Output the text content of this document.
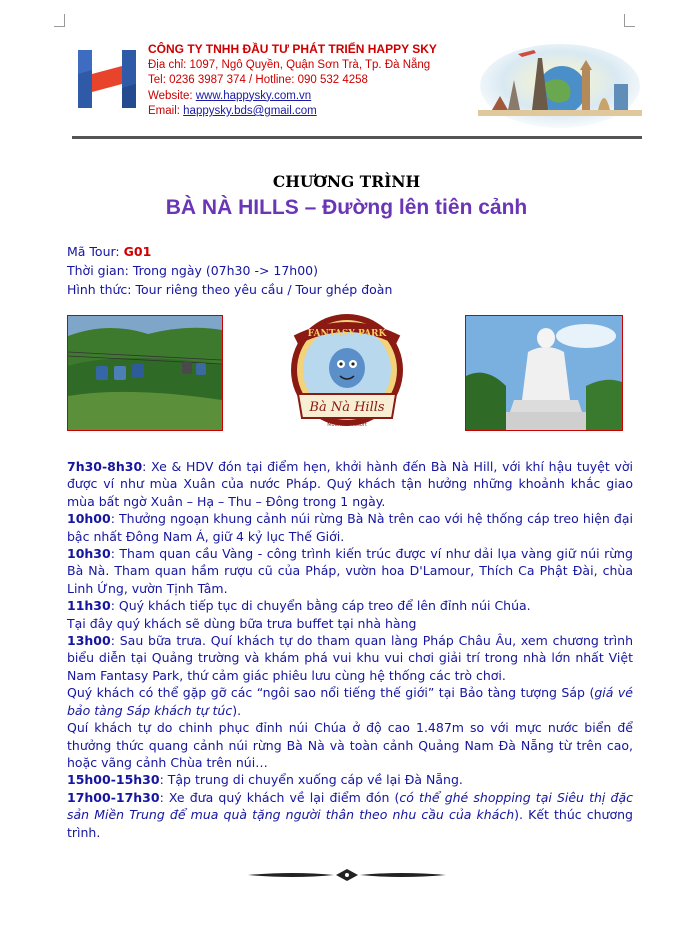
CÔNG TY TNHH ĐẦU TƯ PHÁT TRIỂN HAPPY SKY
Địa chỉ: 1097, Ngô Quyền, Quận Sơn Trà, Tp. Đà Nẵng
Tel: 0236 3987 374 / Hotline: 090 532 4258
Website: www.happysky.com.vn
Email: happysky.bds@gmail.com
CHƯƠNG TRÌNH
BÀ NÀ HILLS – Đường lên tiên cảnh
Mã Tour: G01
Thời gian: Trong ngày (07h30 -> 17h00)
Hình thức: Tour riêng theo yêu cầu / Tour ghép đoàn
FANTASY PARK
Bà Nà Hills
Mountain resort

7h30-8h30: Xe & HDV đón tại điểm hẹn, khởi hành đến Bà Nà Hill, với khí hậu tuyệt vời được ví như mùa Xuân của nước Pháp. Quý khách tận hưởng những khoảnh khắc giao mùa bất ngờ Xuân – Hạ – Thu – Đông trong 1 ngày.

10h00: Thưởng ngoạn khung cảnh núi rừng Bà Nà trên cao với hệ thống cáp treo hiện đại bậc nhất Đông Nam Á, giữ 4 kỷ lục Thế Giới.

10h30: Tham quan cầu Vàng - công trình kiến trúc được ví như dải lụa vàng giữ núi rừng Bà Nà. Tham quan hầm rượu cũ của Pháp, vườn hoa D'Lamour, Thích Ca Phật Đài, chùa Linh Ứng, vườn Tịnh Tâm.

11h30: Quý khách tiếp tục di chuyển bằng cáp treo để lên đỉnh núi Chúa.

Tại đây quý khách sẽ dùng bữa trưa buffet tại nhà hàng

13h00: Sau bữa trưa. Quí khách tự do tham quan làng Pháp Châu Âu, xem chương trình biểu diễn tại Quảng trường và khám phá vui khu vui chơi giải trí trong nhà lớn nhất Việt Nam Fantasy Park, thứ cảm giác phiêu lưu cùng hệ thống các trò chơi.

Quý khách có thể gặp gỡ các “ngôi sao nổi tiếng thế giới” tại Bảo tàng tượng Sáp (giá vé bảo tàng Sáp khách tự túc).

Quí khách tự do chinh phục đỉnh núi Chúa ở độ cao 1.487m so với mực nước biển để thưởng thức quang cảnh núi rừng Bà Nà và toàn cảnh Quảng Nam Đà Nẵng từ trên cao, hoặc vãng cảnh Chùa trên núi…

15h00-15h30: Tập trung di chuyển xuống cáp về lại Đà Nẵng.

17h00-17h30: Xe đưa quý khách về lại điểm đón (có thể ghé shopping tại Siêu thị đặc sản Miền Trung để mua quà tặng người thân theo nhu cầu của khách). Kết thúc chương trình.
